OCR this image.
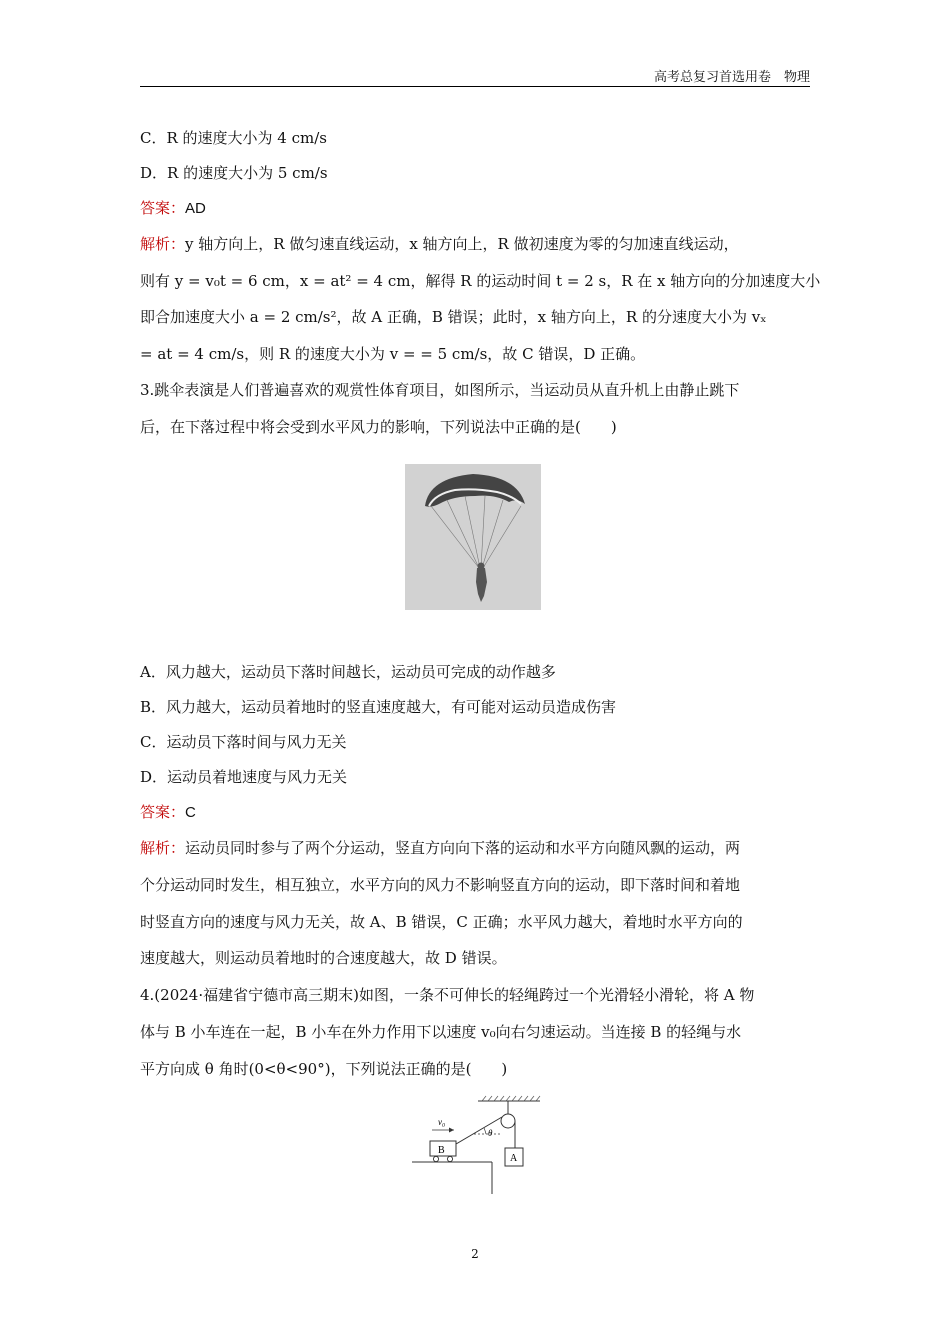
高考总复习首选用卷　物理
C．R 的速度大小为 4 cm/s
D．R 的速度大小为 5 cm/s
答案：AD
解析：y 轴方向上，R 做匀速直线运动，x 轴方向上，R 做初速度为零的匀加速直线运动，
则有 y = v₀t = 6 cm，x = at² = 4 cm，解得 R 的运动时间 t = 2 s，R 在 x 轴方向的分加速度大小
即合加速度大小 a = 2 cm/s²，故 A 正确，B 错误；此时，x 轴方向上，R 的分速度大小为 vₓ
= at = 4 cm/s，则 R 的速度大小为 v = = 5 cm/s，故 C 错误，D 正确。
3.跳伞表演是人们普遍喜欢的观赏性体育项目，如图所示，当运动员从直升机上由静止跳下
后，在下落过程中将会受到水平风力的影响，下列说法中正确的是(　　)
A．风力越大，运动员下落时间越长，运动员可完成的动作越多
B．风力越大，运动员着地时的竖直速度越大，有可能对运动员造成伤害
C．运动员下落时间与风力无关
D．运动员着地速度与风力无关
答案：C
解析：运动员同时参与了两个分运动，竖直方向向下落的运动和水平方向随风飘的运动，两
个分运动同时发生，相互独立，水平方向的风力不影响竖直方向的运动，即下落时间和着地
时竖直方向的速度与风力无关，故 A、B 错误，C 正确；水平风力越大，着地时水平方向的
速度越大，则运动员着地时的合速度越大，故 D 错误。
4.(2024·福建省宁德市高三期末)如图，一条不可伸长的轻绳跨过一个光滑轻小滑轮，将 A 物
体与 B 小车连在一起，B 小车在外力作用下以速度 v₀向右匀速运动。当连接 B 的轻绳与水
平方向成 θ 角时(0<θ<90°)，下列说法正确的是(　　)
θ
v₀
B
A
2
